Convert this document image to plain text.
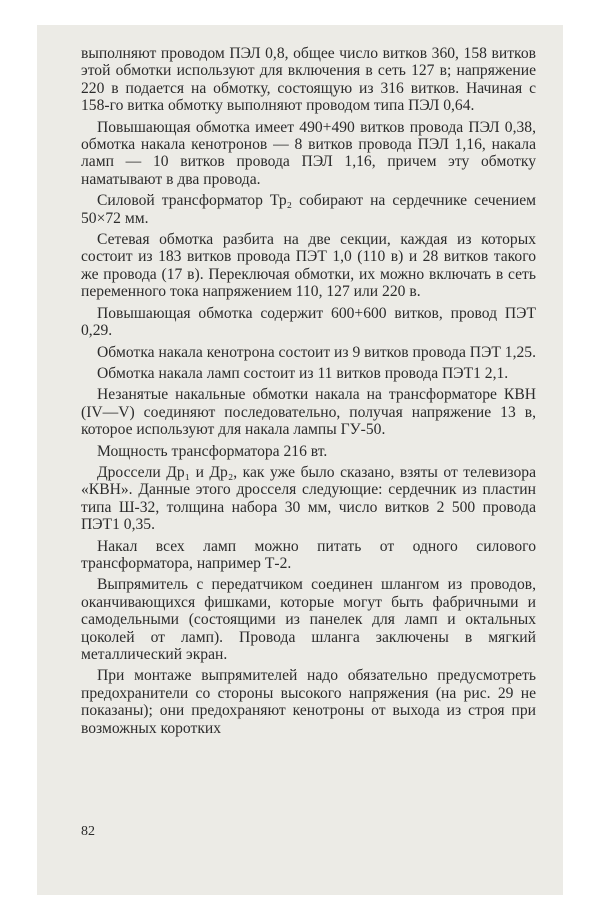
выполняют проводом ПЭЛ 0,8, общее число витков 360, 158 витков этой обмотки используют для включения в сеть 127 в; напряжение 220 в подается на обмотку, состоящую из 316 витков. Начиная с 158-го витка обмотку выполняют проводом типа ПЭЛ 0,64.

Повышающая обмотка имеет 490+490 витков провода ПЭЛ 0,38, обмотка накала кенотронов — 8 витков провода ПЭЛ 1,16, накала ламп — 10 витков провода ПЭЛ 1,16, причем эту обмотку наматывают в два провода.

Силовой трансформатор Тр₂ собирают на сердечнике сечением 50×72 мм.

Сетевая обмотка разбита на две секции, каждая из которых состоит из 183 витков провода ПЭТ 1,0 (110 в) и 28 витков такого же провода (17 в). Переключая обмотки, их можно включать в сеть переменного тока напряжением 110, 127 или 220 в.

Повышающая обмотка содержит 600+600 витков, провод ПЭТ 0,29.

Обмотка накала кенотрона состоит из 9 витков провода ПЭТ 1,25.

Обмотка накала ламп состоит из 11 витков провода ПЭТ1 2,1.

Незанятые накальные обмотки накала на трансформаторе КВН (IV—V) соединяют последовательно, получая напряжение 13 в, которое используют для накала лампы ГУ-50.

Мощность трансформатора 216 вт.

Дроссели Др₁ и Др₂, как уже было сказано, взяты от телевизора «КВН». Данные этого дросселя следующие: сердечник из пластин типа Ш-32, толщина набора 30 мм, число витков 2 500 провода ПЭТ1 0,35.

Накал всех ламп можно питать от одного силового трансформатора, например Т-2.

Выпрямитель с передатчиком соединен шлангом из проводов, оканчивающихся фишками, которые могут быть фабричными и самодельными (состоящими из панелек для ламп и октальных цоколей от ламп). Провода шланга заключены в мягкий металлический экран.

При монтаже выпрямителей надо обязательно предусмотреть предохранители со стороны высокого напряжения (на рис. 29 не показаны); они предохраняют кенотроны от выхода из строя при возможных коротких

82
